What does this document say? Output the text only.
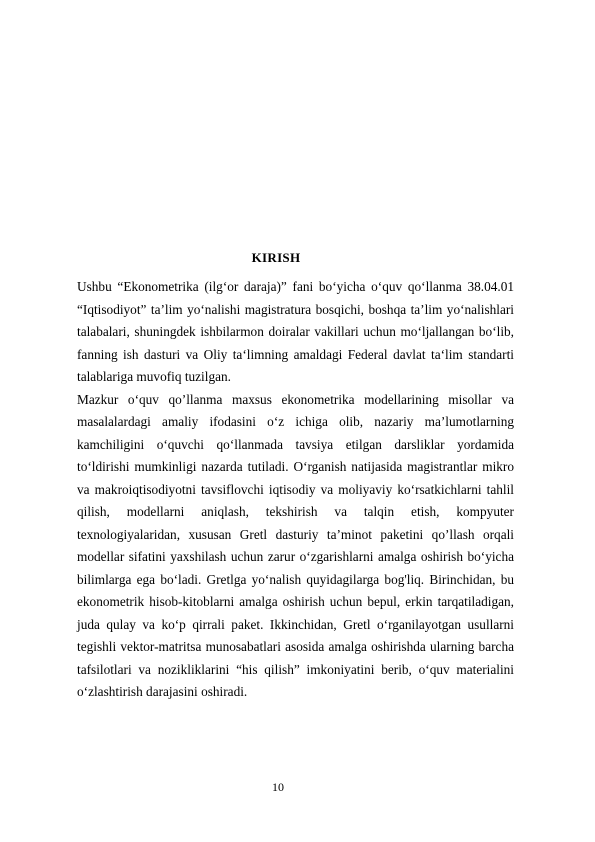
KIRISH

Ushbu “Ekonometrika (ilg‘or daraja)” fani bo‘yicha o‘quv qo‘llanma 38.04.01 “Iqtisodiyot” ta’lim yo‘nalishi magistratura bosqichi, boshqa ta’lim yo‘nalishlari talabalari, shuningdek ishbilarmon doiralar vakillari uchun mo‘ljallangan bo‘lib, fanning ish dasturi va Oliy ta‘limning amaldagi Federal davlat ta‘lim standarti talablariga muvofiq tuzilgan.

Mazkur o‘quv qo’llanma maxsus ekonometrika modellarining misollar va masalalardagi amaliy ifodasini o‘z ichiga olib, nazariy ma’lumotlarning kamchiligini o‘quvchi qo‘llanmada tavsiya etilgan darsliklar yordamida to‘ldirishi mumkinligi nazarda tutiladi. O‘rganish natijasida magistrantlar mikro va makroiqtisodiyotni tavsiflovchi iqtisodiy va moliyaviy ko‘rsatkichlarni tahlil qilish, modellarni aniqlash, tekshirish va talqin etish, kompyuter texnologiyalaridan, xususan Gretl dasturiy ta’minot paketini qo’llash orqali modellar sifatini yaxshilash uchun zarur o‘zgarishlarni amalga oshirish bo‘yicha bilimlarga ega bo‘ladi. Gretlga yo‘nalish quyidagilarga bog'liq. Birinchidan, bu ekonometrik hisob-kitoblarni amalga oshirish uchun bepul, erkin tarqatiladigan, juda qulay va ko‘p qirrali paket. Ikkinchidan, Gretl o‘rganilayotgan usullarni tegishli vektor-matritsa munosabatlari asosida amalga oshirishda ularning barcha tafsilotlari va nozikliklarini “his qilish” imkoniyatini berib, o‘quv materialini o‘zlashtirish darajasini oshiradi.

10
